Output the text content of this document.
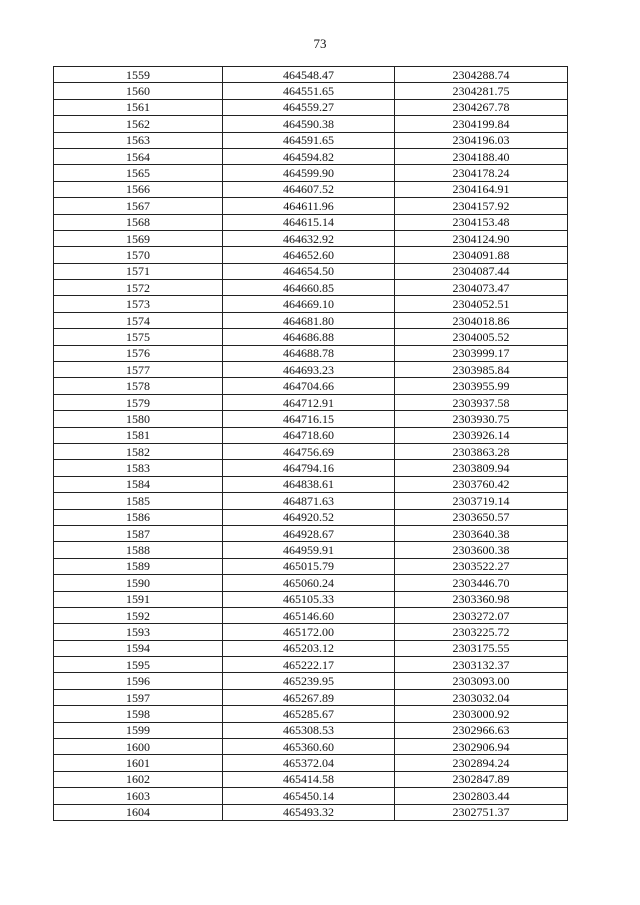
73
1559	464548.47	2304288.74
1560	464551.65	2304281.75
1561	464559.27	2304267.78
1562	464590.38	2304199.84
1563	464591.65	2304196.03
1564	464594.82	2304188.40
1565	464599.90	2304178.24
1566	464607.52	2304164.91
1567	464611.96	2304157.92
1568	464615.14	2304153.48
1569	464632.92	2304124.90
1570	464652.60	2304091.88
1571	464654.50	2304087.44
1572	464660.85	2304073.47
1573	464669.10	2304052.51
1574	464681.80	2304018.86
1575	464686.88	2304005.52
1576	464688.78	2303999.17
1577	464693.23	2303985.84
1578	464704.66	2303955.99
1579	464712.91	2303937.58
1580	464716.15	2303930.75
1581	464718.60	2303926.14
1582	464756.69	2303863.28
1583	464794.16	2303809.94
1584	464838.61	2303760.42
1585	464871.63	2303719.14
1586	464920.52	2303650.57
1587	464928.67	2303640.38
1588	464959.91	2303600.38
1589	465015.79	2303522.27
1590	465060.24	2303446.70
1591	465105.33	2303360.98
1592	465146.60	2303272.07
1593	465172.00	2303225.72
1594	465203.12	2303175.55
1595	465222.17	2303132.37
1596	465239.95	2303093.00
1597	465267.89	2303032.04
1598	465285.67	2303000.92
1599	465308.53	2302966.63
1600	465360.60	2302906.94
1601	465372.04	2302894.24
1602	465414.58	2302847.89
1603	465450.14	2302803.44
1604	465493.32	2302751.37
